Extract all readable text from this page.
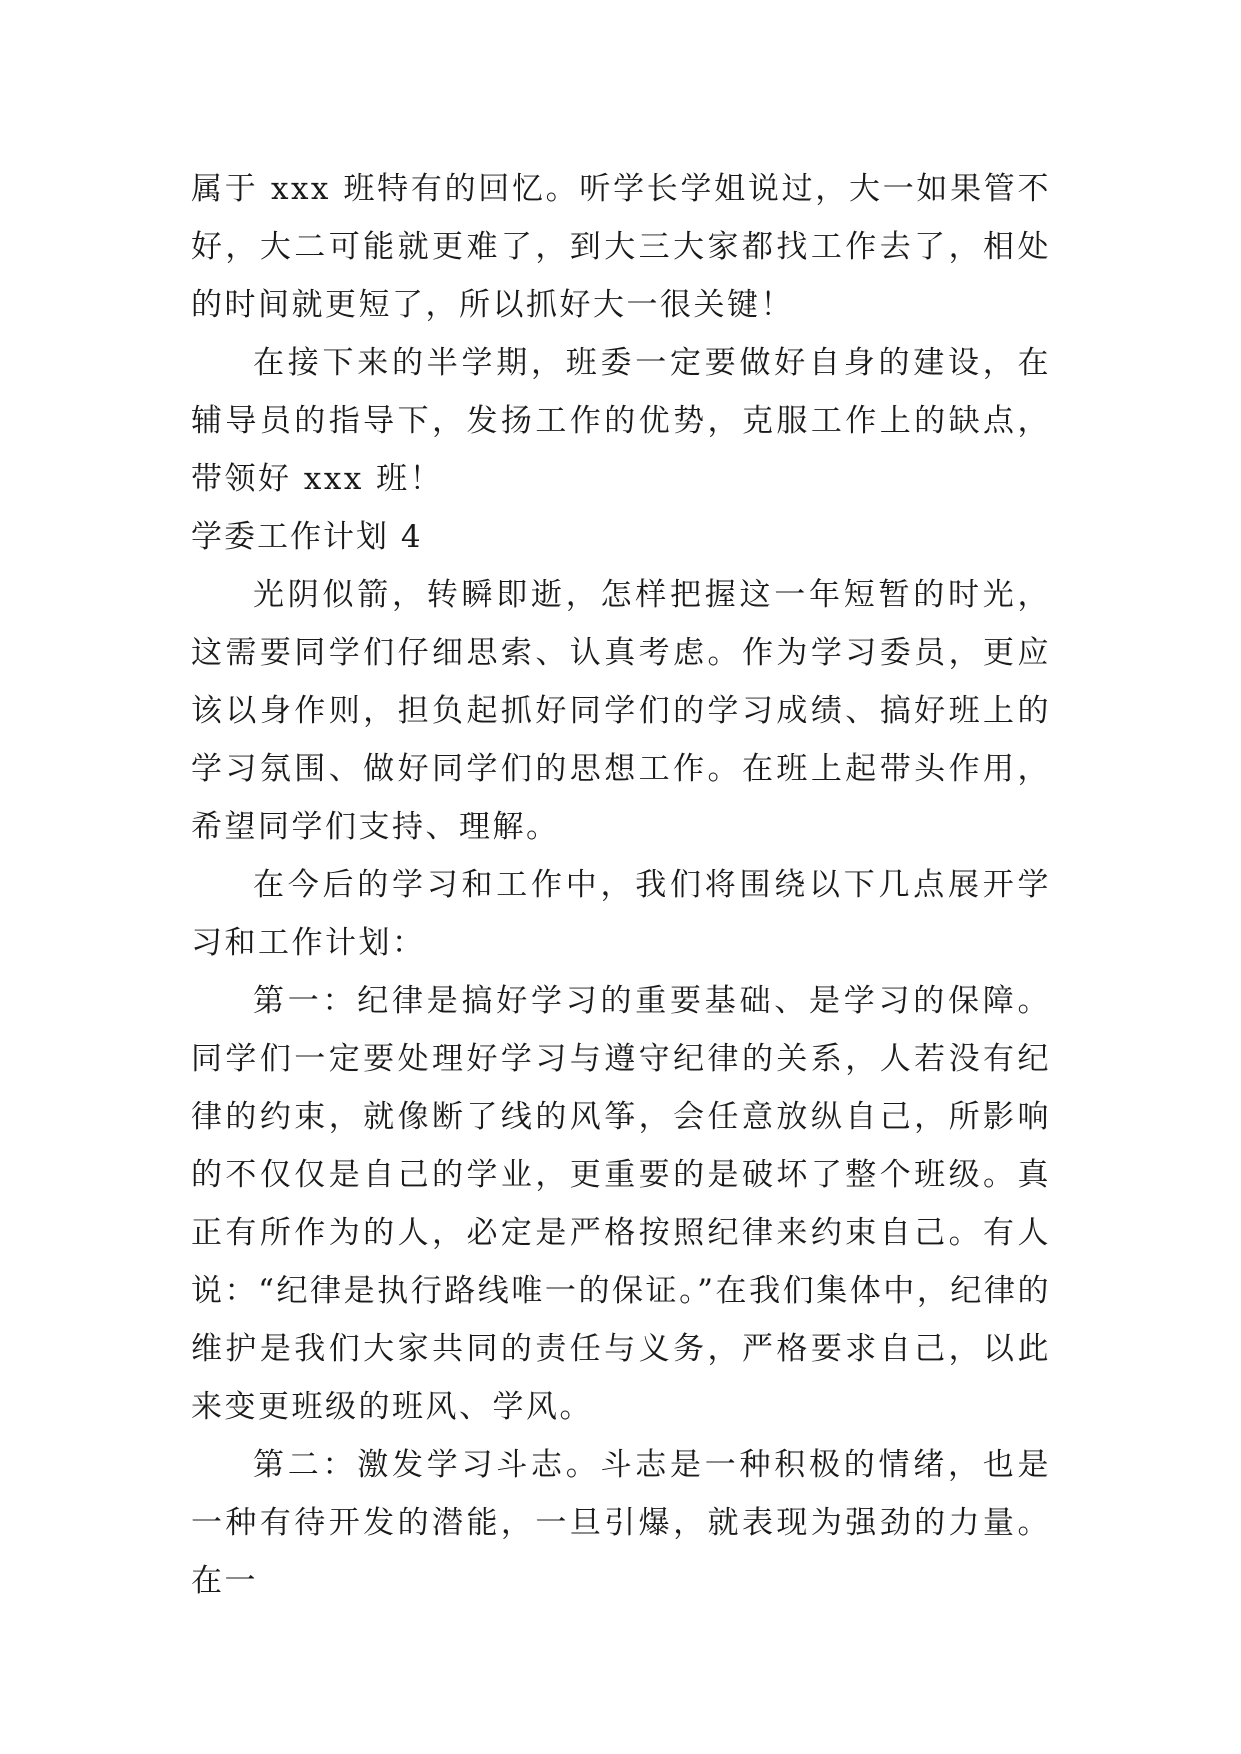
属于 xxx 班特有的回忆。听学长学姐说过，大一如果管不好，大二可能就更难了，到大三大家都找工作去了，相处的时间就更短了，所以抓好大一很关键！

在接下来的半学期，班委一定要做好自身的建设，在辅导员的指导下，发扬工作的优势，克服工作上的缺点，带领好 xxx 班！

学委工作计划 4

光阴似箭，转瞬即逝，怎样把握这一年短暂的时光，这需要同学们仔细思索、认真考虑。作为学习委员，更应该以身作则，担负起抓好同学们的学习成绩、搞好班上的学习氛围、做好同学们的思想工作。在班上起带头作用，希望同学们支持、理解。

在今后的学习和工作中，我们将围绕以下几点展开学习和工作计划：

第一：纪律是搞好学习的重要基础、是学习的保障。同学们一定要处理好学习与遵守纪律的关系，人若没有纪律的约束，就像断了线的风筝，会任意放纵自己，所影响的不仅仅是自己的学业，更重要的是破坏了整个班级。真正有所作为的人，必定是严格按照纪律来约束自己。有人说：“纪律是执行路线唯一的保证。”在我们集体中，纪律的维护是我们大家共同的责任与义务，严格要求自己，以此来变更班级的班风、学风。

第二：激发学习斗志。斗志是一种积极的情绪，也是一种有待开发的潜能，一旦引爆，就表现为强劲的力量。在一
